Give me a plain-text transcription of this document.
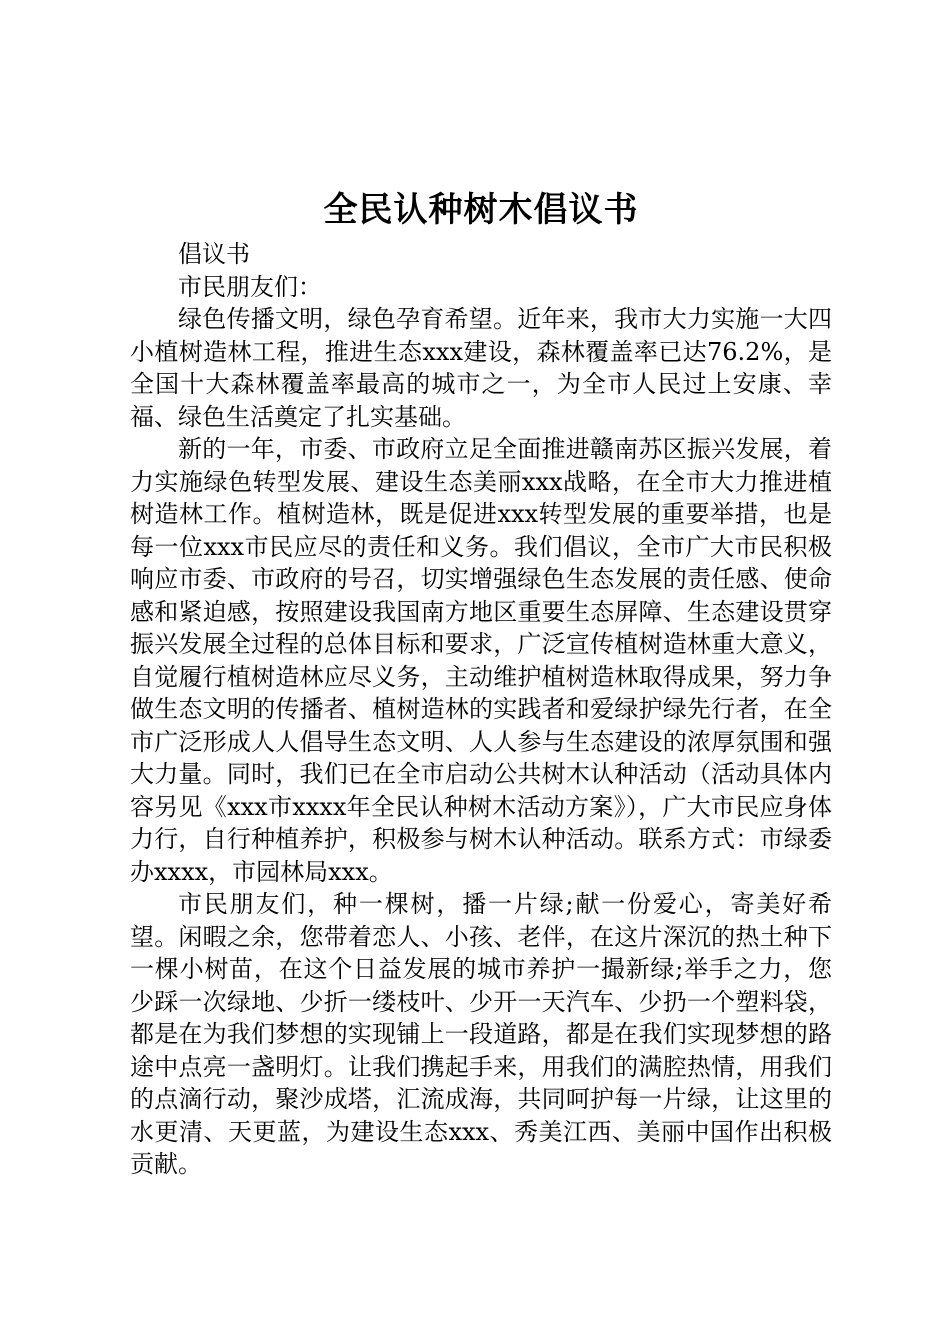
全民认种树木倡议书

倡议书

市民朋友们：

绿色传播文明，绿色孕育希望。近年来，我市大力实施一大四小植树造林工程，推进生态xxx建设，森林覆盖率已达76.2%，是全国十大森林覆盖率最高的城市之一，为全市人民过上安康、幸福、绿色生活奠定了扎实基础。

新的一年，市委、市政府立足全面推进赣南苏区振兴发展，着力实施绿色转型发展、建设生态美丽xxx战略，在全市大力推进植树造林工作。植树造林，既是促进xxx转型发展的重要举措，也是每一位xxx市民应尽的责任和义务。我们倡议，全市广大市民积极响应市委、市政府的号召，切实增强绿色生态发展的责任感、使命感和紧迫感，按照建设我国南方地区重要生态屏障、生态建设贯穿振兴发展全过程的总体目标和要求，广泛宣传植树造林重大意义，自觉履行植树造林应尽义务，主动维护植树造林取得成果，努力争做生态文明的传播者、植树造林的实践者和爱绿护绿先行者，在全市广泛形成人人倡导生态文明、人人参与生态建设的浓厚氛围和强大力量。同时，我们已在全市启动公共树木认种活动（活动具体内容另见《xxx市xxxx年全民认种树木活动方案》），广大市民应身体力行，自行种植养护，积极参与树木认种活动。联系方式：市绿委办xxxx，市园林局xxx。

市民朋友们，种一棵树，播一片绿;献一份爱心，寄美好希望。闲暇之余，您带着恋人、小孩、老伴，在这片深沉的热土种下一棵小树苗，在这个日益发展的城市养护一撮新绿;举手之力，您少踩一次绿地、少折一缕枝叶、少开一天汽车、少扔一个塑料袋，都是在为我们梦想的实现铺上一段道路，都是在我们实现梦想的路途中点亮一盏明灯。让我们携起手来，用我们的满腔热情，用我们的点滴行动，聚沙成塔，汇流成海，共同呵护每一片绿，让这里的水更清、天更蓝，为建设生态xxx、秀美江西、美丽中国作出积极贡献。
